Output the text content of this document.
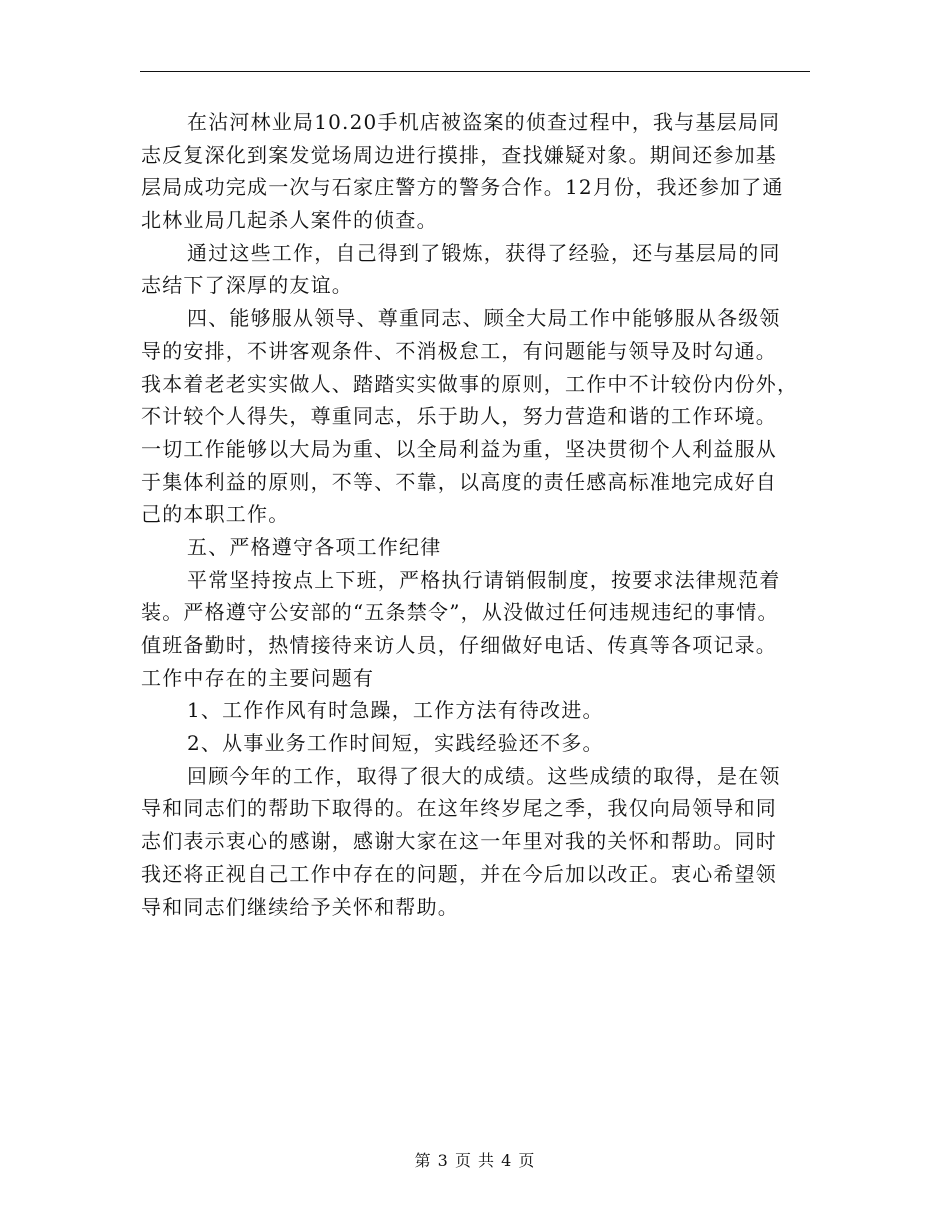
在沾河林业局10.20手机店被盗案的侦查过程中，我与基层局同
志反复深化到案发觉场周边进行摸排，查找嫌疑对象。期间还参加基
层局成功完成一次与石家庄警方的警务合作。12月份，我还参加了通
北林业局几起杀人案件的侦查。
通过这些工作，自己得到了锻炼，获得了经验，还与基层局的同
志结下了深厚的友谊。
四、能够服从领导、尊重同志、顾全大局工作中能够服从各级领
导的安排，不讲客观条件、不消极怠工，有问题能与领导及时勾通。
我本着老老实实做人、踏踏实实做事的原则，工作中不计较份内份外，
不计较个人得失，尊重同志，乐于助人，努力营造和谐的工作环境。
一切工作能够以大局为重、以全局利益为重，坚决贯彻个人利益服从
于集体利益的原则，不等、不靠，以高度的责任感高标准地完成好自
己的本职工作。
五、严格遵守各项工作纪律
平常坚持按点上下班，严格执行请销假制度，按要求法律规范着
装。严格遵守公安部的“五条禁令”，从没做过任何违规违纪的事情。
值班备勤时，热情接待来访人员，仔细做好电话、传真等各项记录。
工作中存在的主要问题有
1、工作作风有时急躁，工作方法有待改进。
2、从事业务工作时间短，实践经验还不多。
回顾今年的工作，取得了很大的成绩。这些成绩的取得，是在领
导和同志们的帮助下取得的。在这年终岁尾之季，我仅向局领导和同
志们表示衷心的感谢，感谢大家在这一年里对我的关怀和帮助。同时
我还将正视自己工作中存在的问题，并在今后加以改正。衷心希望领
导和同志们继续给予关怀和帮助。
第 3 页 共 4 页
